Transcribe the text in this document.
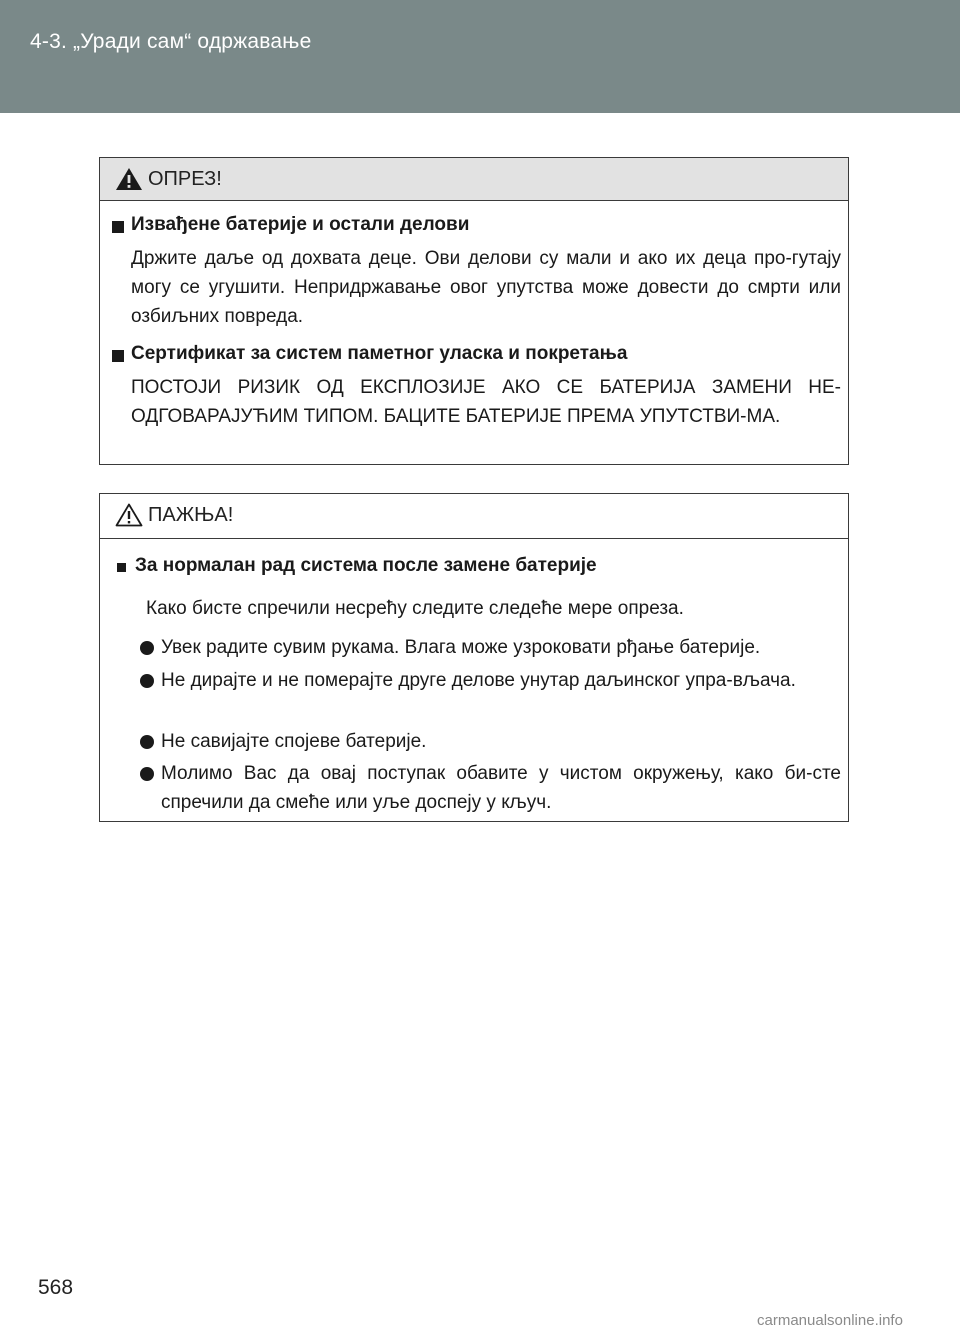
4-3. „Уради сам“ одржавање
ОПРЕЗ!
Извађене батерије и остали делови
Држите даље од дохвата деце. Ови делови су мали и ако их деца про-гутају могу се угушити. Непридржавање овог упутства може довести до смрти или озбиљних повреда.
Сертификат за систем паметног уласка и покретања
ПОСТОЈИ РИЗИК ОД ЕКСПЛОЗИЈЕ АКО СЕ БАТЕРИЈА ЗАМЕНИ НЕ-ОДГОВАРАЈУЋИМ ТИПОМ. БАЦИТЕ БАТЕРИЈЕ ПРЕМА УПУТСТВИ-МА.
ПАЖЊА!
За нормалан рад система после замене батерије
Како бисте спречили несрећу следите следеће мере опреза.
Увек радите сувим рукама. Влага може узроковати рђање батерије.
Не дирајте и не померајте друге делове унутар даљинског упра-вљача.
Не савијајте спојеве батерије.
Молимо Вас да овај поступак обавите у чистом окружењу, како би-сте спречили да смеће или уље доспеју у кључ.
568
carmanualsonline.info
